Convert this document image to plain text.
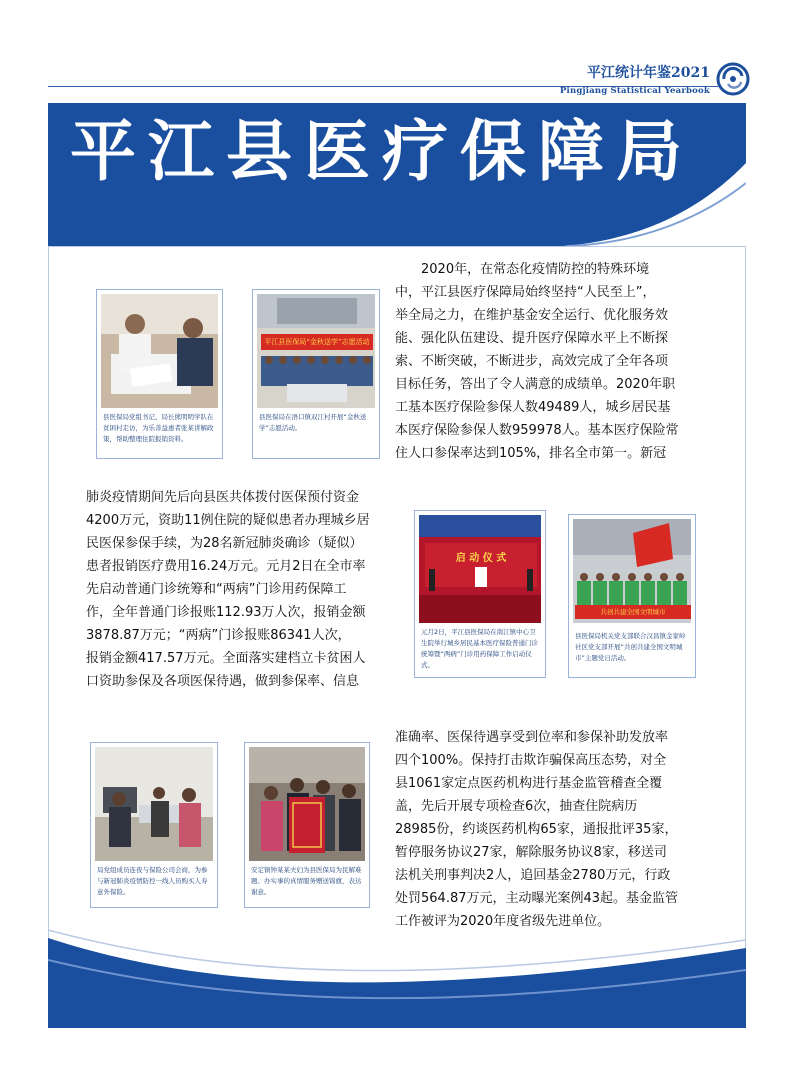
平江统计年鉴2021
Pingjiang Statistical Yearbook
平江县医疗保障局
　　2020年，在常态化疫情防控的特殊环境
中，平江县医疗保障局始终坚持“人民至上”，
举全局之力，在维护基金安全运行、优化服务效
能、强化队伍建设、提升医疗保障水平上不断探
索、不断突破，不断进步，高效完成了全年各项
目标任务，答出了令人满意的成绩单。2020年职
工基本医疗保险参保人数49489人，城乡居民基
本医疗保险参保人数959978人。基本医疗保险常
住人口参保率达到105%，排名全市第一。新冠
肺炎疫情期间先后向县医共体拨付医保预付资金
4200万元，资助11例住院的疑似患者办理城乡居
民医保参保手续，为28名新冠肺炎确诊（疑似）
患者报销医疗费用16.24万元。元月2日在全市率
先启动普通门诊统筹和“两病”门诊用药保障工
作，全年普通门诊报账112.93万人次，报销金额
3878.87万元；“两病”门诊报账86341人次，
报销金额417.57万元。全面落实建档立卡贫困人
口资助参保及各项医保待遇，做到参保率、信息
准确率、医保待遇享受到位率和参保补助发放率
四个100%。保持打击欺诈骗保高压态势，对全
县1061家定点医药机构进行基金监管稽查全覆
盖，先后开展专项检查6次，抽查住院病历
28985份，约谈医药机构65家，通报批评35家，
暂停服务协议27家，解除服务协议8家，移送司
法机关刑事判决2人，追回基金2780万元，行政
处罚564.87万元，主动曝光案例43起。基金监管
工作被评为2020年度省级先进单位。
县医保局党组书记、局长熊明明学队在贫困村走访，为乐善益惠者张某讲解政策，帮助整理住院报销资料。
平江县医保局“金秋送学”志愿活动
县医保局在浯口镇双江村开展“金秋送学”志愿活动。
启 动 仪 式
元月2日，平江县医保局在南江镇中心卫生院举行城乡居民基本医疗保险普通门诊统筹暨“两病”门诊用药保障工作启动仪式。
共创共建全国文明城市
县医保局机关党支部联合汉昌镇金家岭社区党支部开展“共创共建全国文明城市”主题党日活动。
局党组成员连夜与保险公司会商，为参与新冠肺炎疫情防控一线人员购买人寿意外保险。
安定镇钟某某夫妇为县医保局为民解难题、办实事的真情服务赠送锦旗，表达谢意。
